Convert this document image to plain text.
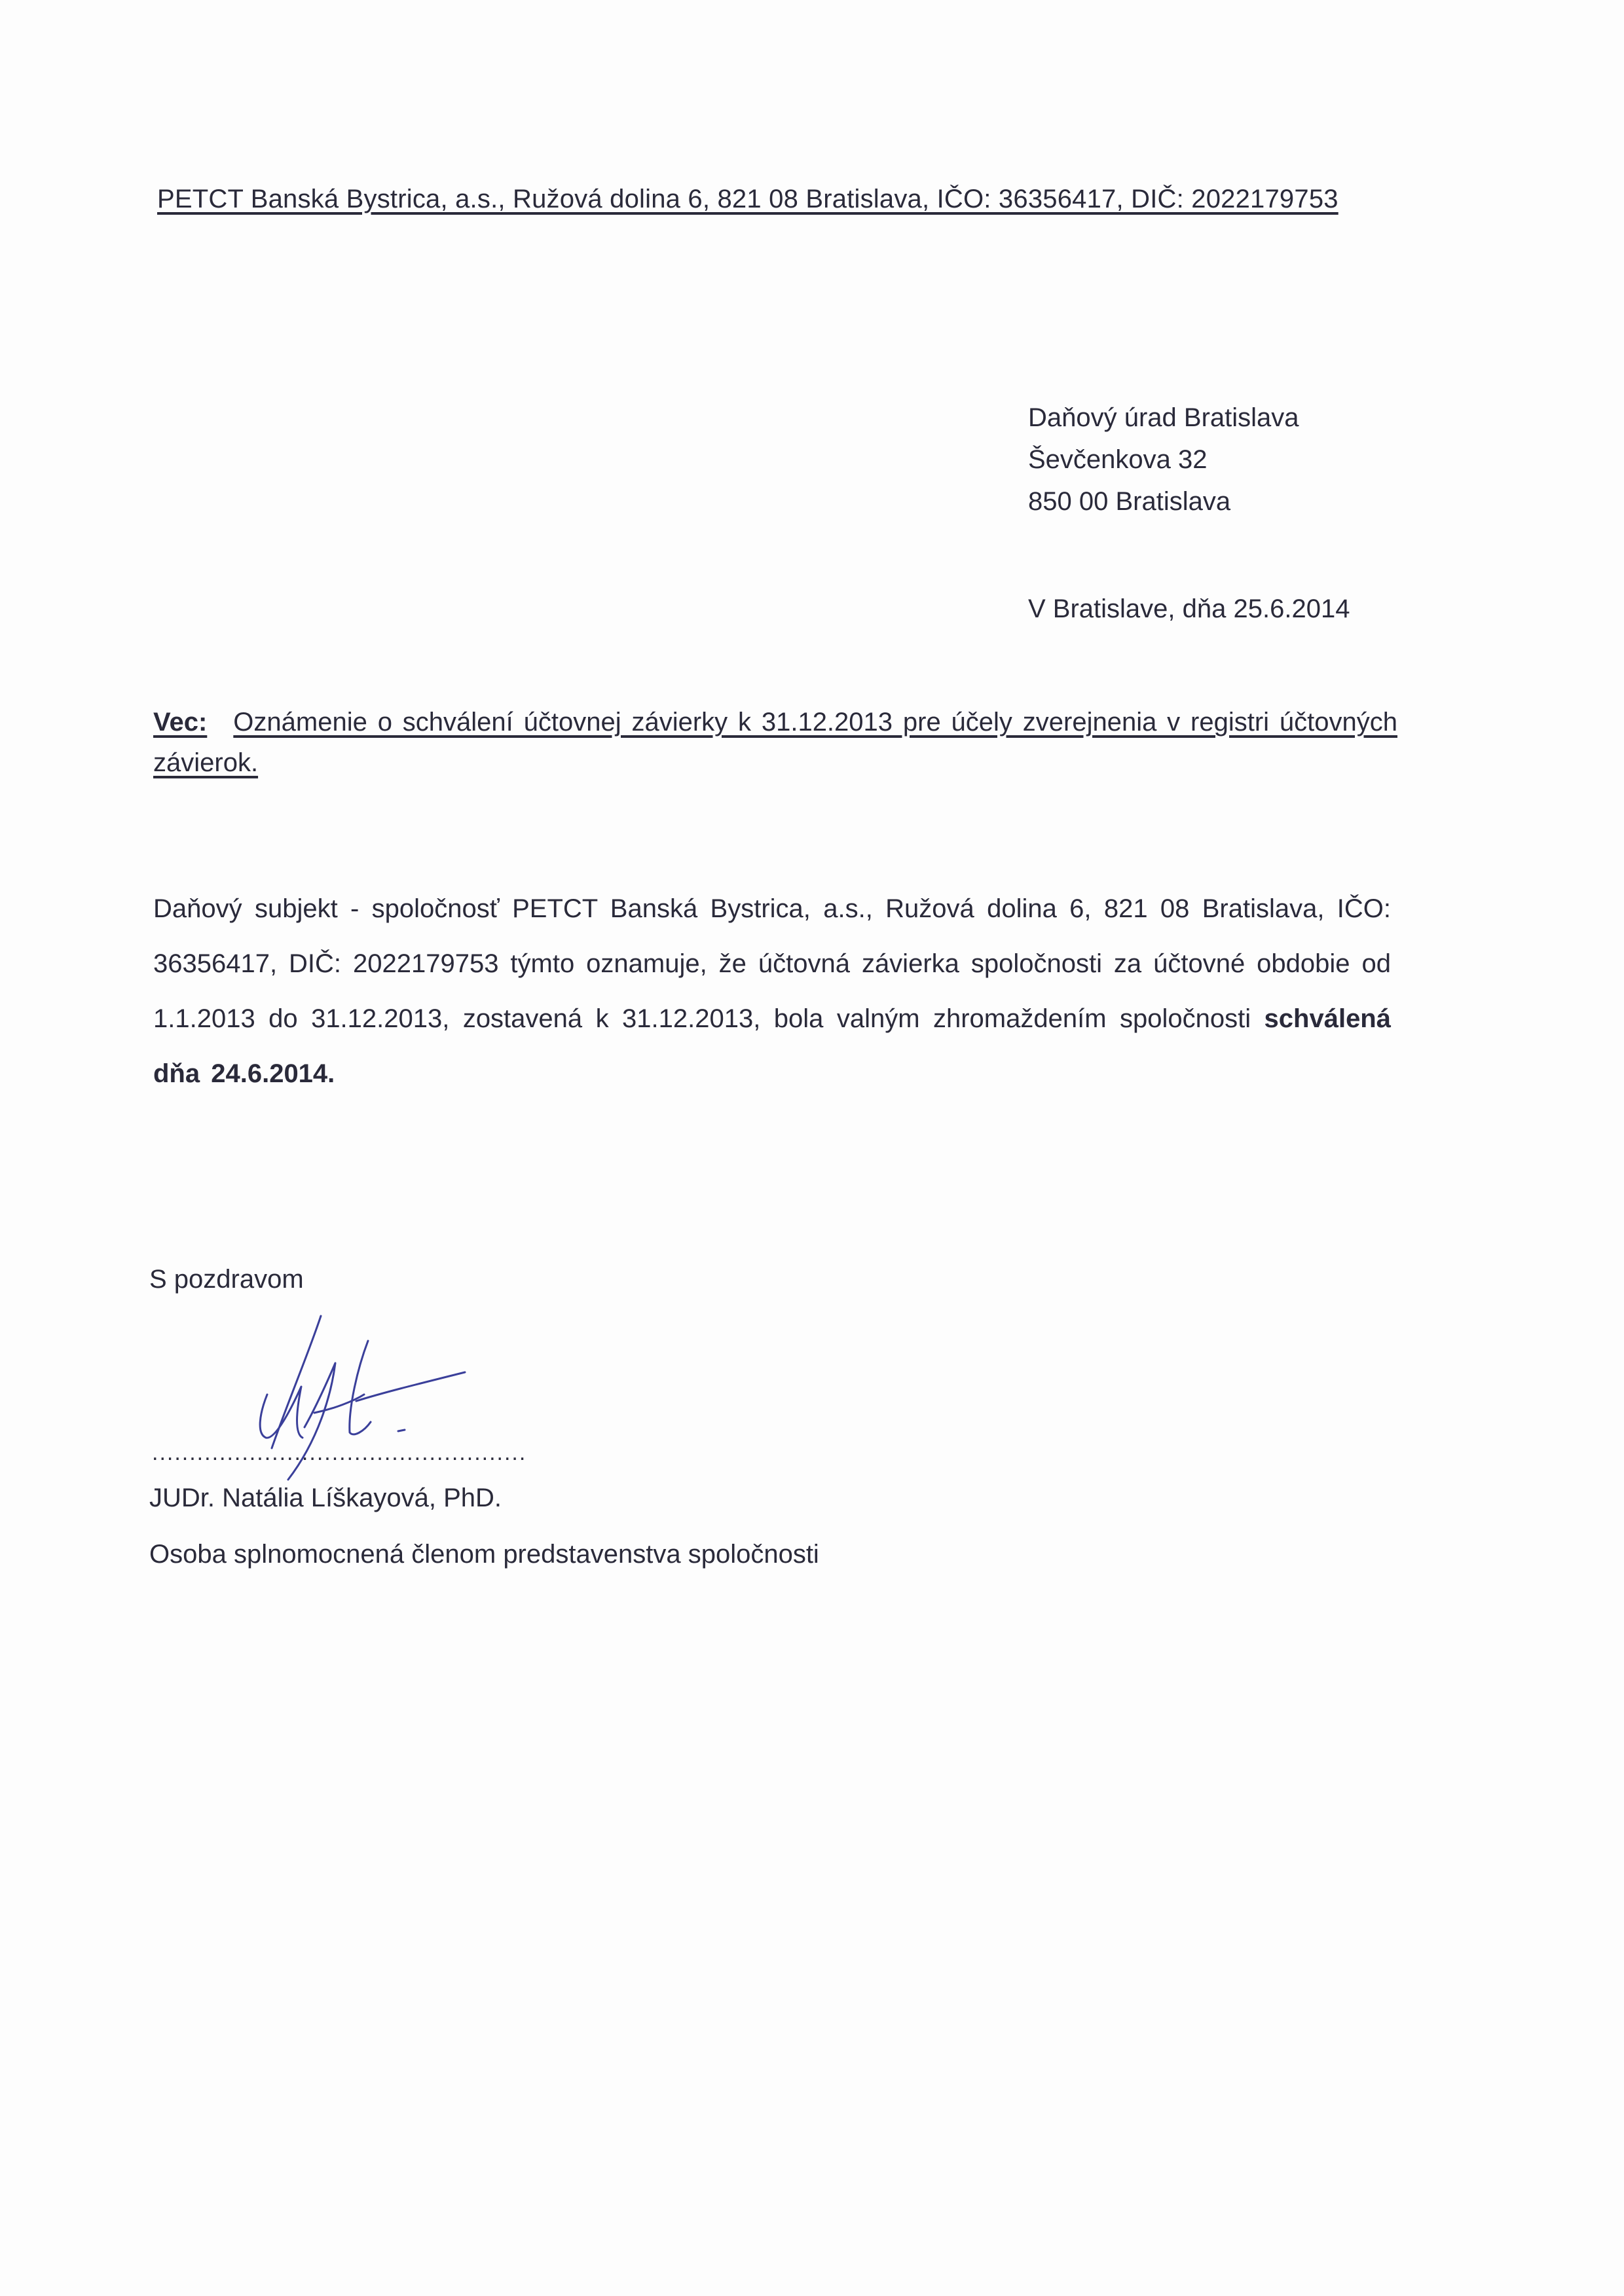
PETCT Banská Bystrica, a.s., Ružová dolina 6, 821 08 Bratislava, IČO: 36356417, DIČ: 2022179753
Daňový úrad Bratislava
Ševčenkova 32
850 00 Bratislava
V Bratislave, dňa 25.6.2014
Vec: Oznámenie o schválení účtovnej závierky k 31.12.2013 pre účely zverejnenia v registri účtovných závierok.
Daňový subjekt - spoločnosť PETCT Banská Bystrica, a.s., Ružová dolina 6, 821 08 Bratislava, IČO: 36356417, DIČ: 2022179753 týmto oznamuje, že účtovná závierka spoločnosti za účtovné obdobie od 1.1.2013 do 31.12.2013, zostavená k 31.12.2013, bola valným zhromaždením spoločnosti schválená dňa 24.6.2014.
S pozdravom
..................................................
JUDr. Natália Líškayová, PhD.
Osoba splnomocnená členom predstavenstva spoločnosti
